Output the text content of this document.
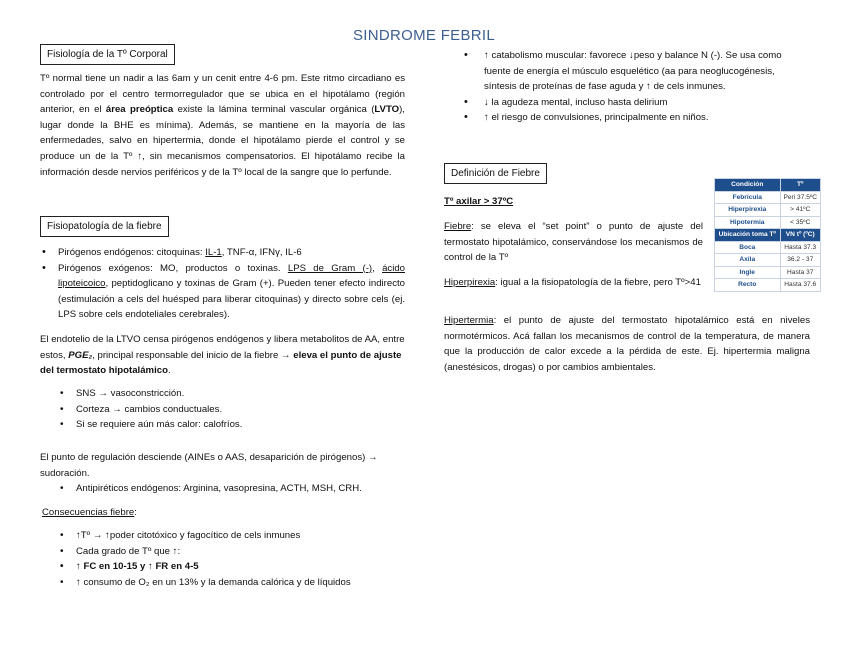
SINDROME FEBRIL
Fisiología de la Tº Corporal

Tº normal tiene un nadir a las 6am y un cenit entre 4-6 pm. Este ritmo circadiano es controlado por el centro termorregulador que se ubica en el hipotálamo (región anterior, en el área preóptica existe la lámina terminal vascular orgánica (LVTO), lugar donde la BHE es mínima). Además, se mantiene en la mayoría de las enfermedades, salvo en hipertermia, donde el hipotálamo pierde el control y se produce un de la Tº ↑, sin mecanismos compensatorios. El hipotálamo recibe la información desde nervios periféricos y de la Tº local de la sangre que lo perfunde.

Fisiopatología de la fiebre
• Pirógenos endógenos: citoquinas: IL-1, TNF-α, IFNγ, IL-6
• Pirógenos exógenos: MO, productos o toxinas. LPS de Gram (-), ácido lipoteicoico, peptidoglicano y toxinas de Gram (+). Pueden tener efecto indirecto (estimulación a cels del huésped para liberar citoquinas) y directo sobre cels (ej. LPS sobre cels endoteliales cerebrales).

El endotelio de la LTVO censa pirógenos endógenos y libera metabolitos de AA, entre estos, PGE₂, principal responsable del inicio de la fiebre → eleva el punto de ajuste del termostato hipotalámico.

• SNS → vasoconstricción.
• Corteza → cambios conductuales.
• Si se requiere aún más calor: calofríos.

El punto de regulación desciende (AINEs o AAS, desaparición de pirógenos) → sudoración.

• Antipiréticos endógenos: Arginina, vasopresina, ACTH, MSH, CRH.

Consecuencias fiebre:

• ↑Tº → ↑poder citotóxico y fagocítico de cels inmunes
• Cada grado de Tº que ↑:
• ↑ FC en 10-15 y ↑ FR en 4-5
• ↑ consumo de O₂ en un 13% y la demanda calórica y de líquidos
• ↑ catabolismo muscular: favorece ↓peso y balance N (-). Se usa como fuente de energía el músculo esquelético (aa para neoglucogénesis, síntesis de proteínas de fase aguda y ↑ de cels inmunes.
• ↓ la agudeza mental, incluso hasta delirium
• ↑ el riesgo de convulsiones, principalmente en niños.
Definición de Fiebre

Tº axilar > 37ºC

Fiebre: se eleva el “set point” o punto de ajuste del termostato hipotalámico, conservándose los mecanismos de control de la Tº

Hiperpirexia: igual a la fisiopatología de la fiebre, pero Tº>41

Hipertermia: el punto de ajuste del termostato hipotalámico está en niveles normotérmicos. Acá fallan los mecanismos de control de la temperatura, de manera que la producción de calor excede a la pérdida de este. Ej. hipertermia maligna (anestésicos, drogas) o por cambios ambientales.

Condición	Tº
Febrícula	Peri 37.5ºC
Hiperpirexia	> 41ºC
Hipotermia	< 35ºC
Ubicación toma Tº	VN tº (ºC)
Boca	Hasta 37.3
Axila	36.2 - 37
Ingle	Hasta 37
Recto	Hasta 37.6
